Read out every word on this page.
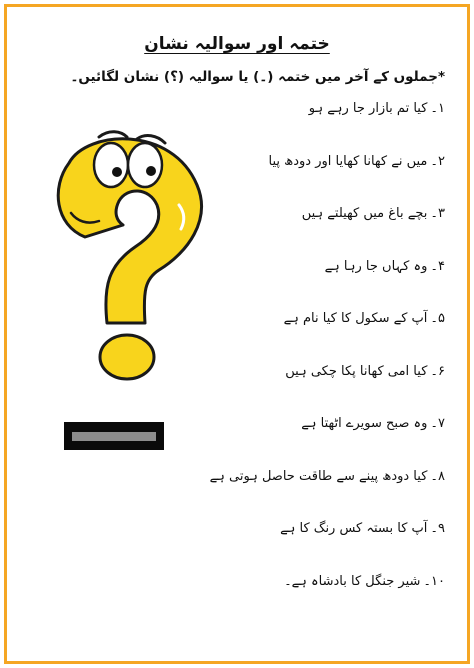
ختمہ اور سوالیہ نشان
*جملوں کے آخر میں ختمہ (۔) یا سوالیہ (؟) نشان لگائیں۔
۱۔کیا تم بازار جا رہے ہو
۲۔میں نے کھانا کھایا اور دودھ پیا
۳۔بچے باغ میں کھیلتے ہیں
۴۔وہ کہاں جا رہا ہے
۵۔آپ کے سکول کا کیا نام ہے
۶۔کیا امی کھانا پکا چکی ہیں
۷۔وہ صبح سویرے اٹھتا ہے
۸۔کیا دودھ پینے سے طاقت حاصل ہوتی ہے
۹۔آپ کا بستہ کس رنگ کا ہے
۱۰۔شیر جنگل کا بادشاہ ہے۔
